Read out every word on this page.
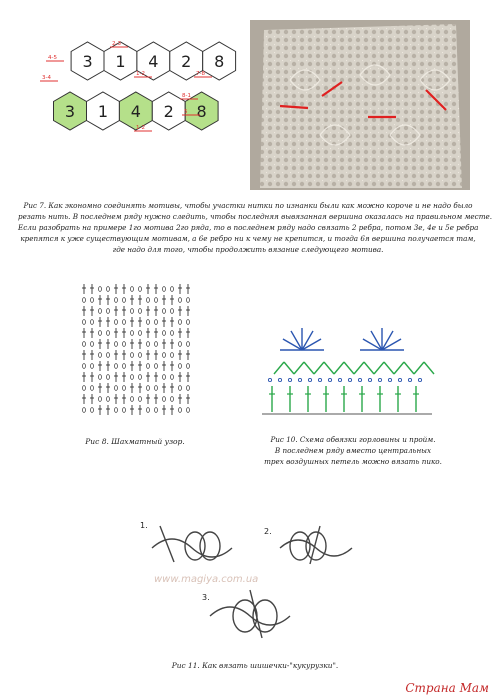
3 1 4 2 8
3 1 4 2 8
4-5
2-3
3-4
1-2	7-8
1-2
8-1
5
Рис 7. Как экономно соединять мотивы, чтобы участки нитки по изнанки были как можно короче и не надо было
резать нить. В последнем ряду нужно следить, чтобы последняя вывязанная вершина оказалась на правильном месте.
Если разобрать на примере 1го мотива 2го ряда, то в последнем ряду надо связать 2 ребра, потом 3е, 4е и 5е ребра
крепятся к уже существующим мотивам, а 6е ребро ни к чему не крепится, и тогда 6я вершина получается там,
где надо для того, чтобы продолжить вязание следующего мотива.
Рис 8. Шахматный узор.	Рис 10. Схема обвязки горловины и пройм.
В последнем ряду вместо центральных
трех воздушных петель можно вязать пико.
1.
2.
3.
www.magiya.com.ua
Рис 11. Как вязать шишечки-"кукурузки".
Страна Мам
